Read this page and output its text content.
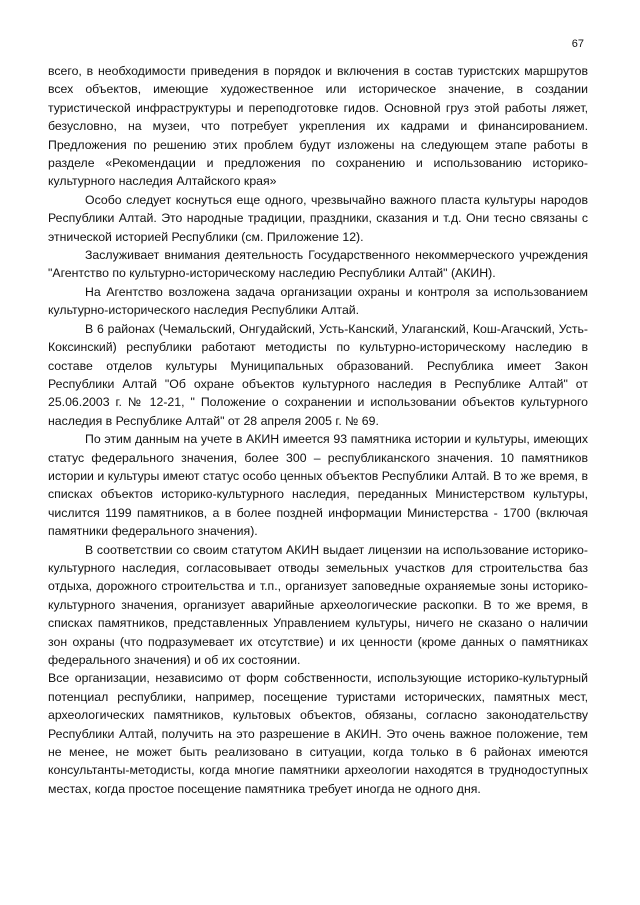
67

всего, в необходимости приведения в порядок и включения в состав туристских маршрутов всех объектов, имеющие художественное или историческое значение, в создании туристической инфраструктуры и переподготовке гидов. Основной груз этой работы ляжет, безусловно, на музеи, что потребует укрепления их кадрами и финансированием. Предложения по решению этих проблем будут изложены на следующем этапе работы в разделе «Рекомендации и предложения по сохранению и использованию историко-культурного наследия Алтайского края»

Особо следует коснуться еще одного, чрезвычайно важного пласта культуры народов Республики Алтай. Это народные традиции, праздники, сказания и т.д. Они тесно связаны с этнической историей Республики (см. Приложение 12).

Заслуживает внимания деятельность Государственного некоммерческого учреждения "Агентство по культурно-историческому наследию Республики Алтай" (АКИН).

На Агентство возложена задача организации охраны и контроля за использованием культурно-исторического наследия Республики Алтай.

В 6 районах (Чемальский, Онгудайский, Усть-Канский, Улаганский, Кош-Агачский, Усть-Коксинский) республики работают методисты по культурно-историческому наследию в составе отделов культуры Муниципальных образований. Республика имеет Закон Республики Алтай "Об охране объектов культурного наследия в Республике Алтай" от 25.06.2003 г. № 12-21, " Положение о сохранении и использовании объектов культурного наследия в Республике Алтай" от 28 апреля 2005 г. № 69.

По этим данным на учете в АКИН имеется 93 памятника истории и культуры, имеющих статус федерального значения, более 300 – республиканского значения. 10 памятников истории и культуры имеют статус особо ценных объектов Республики Алтай. В то же время, в списках объектов историко-культурного наследия, переданных Министерством культуры, числится 1199 памятников, а в более поздней информации Министерства - 1700 (включая памятники федерального значения).

В соответствии со своим статутом АКИН выдает лицензии на использование историко-культурного наследия, согласовывает отводы земельных участков для строительства баз отдыха, дорожного строительства и т.п., организует заповедные охраняемые зоны историко-культурного значения, организует аварийные археологические раскопки. В то же время, в списках памятников, представленных Управлением культуры, ничего не сказано о наличии зон охраны (что подразумевает их отсутствие) и их ценности (кроме данных о памятниках федерального значения) и об их состоянии.

Все организации, независимо от форм собственности, использующие историко-культурный потенциал республики, например, посещение туристами исторических, памятных мест, археологических памятников, культовых объектов, обязаны, согласно законодательству Республики Алтай, получить на это разрешение в АКИН. Это очень важное положение, тем не менее, не может быть реализовано в ситуации, когда только в 6 районах имеются консультанты-методисты, когда многие памятники археологии находятся в труднодоступных местах, когда простое посещение памятника требует иногда не одного дня.
